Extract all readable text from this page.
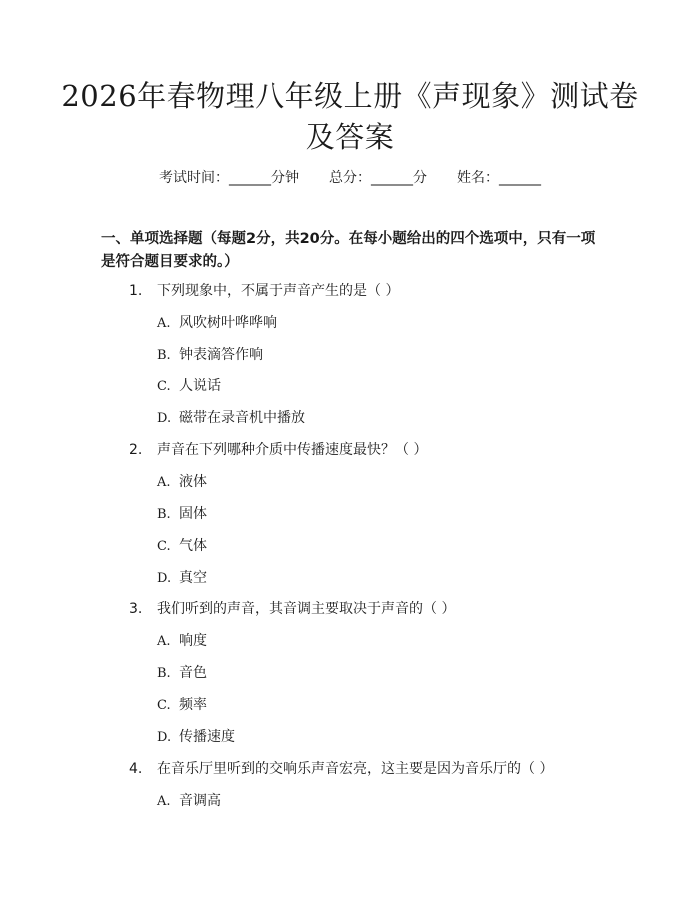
2026年春物理八年级上册《声现象》测试卷
及答案
考试时间：______分钟 总分：______分 姓名：______
一、单项选择题（每题2分，共20分。在每小题给出的四个选项中，只有一项是符合题目要求的。）
1. 下列现象中，不属于声音产生的是（ ）
A. 风吹树叶哗哗响
B. 钟表滴答作响
C. 人说话
D. 磁带在录音机中播放
2. 声音在下列哪种介质中传播速度最快？（ ）
A. 液体
B. 固体
C. 气体
D. 真空
3. 我们听到的声音，其音调主要取决于声音的（ ）
A. 响度
B. 音色
C. 频率
D. 传播速度
4. 在音乐厅里听到的交响乐声音宏亮，这主要是因为音乐厅的（ ）
A. 音调高
